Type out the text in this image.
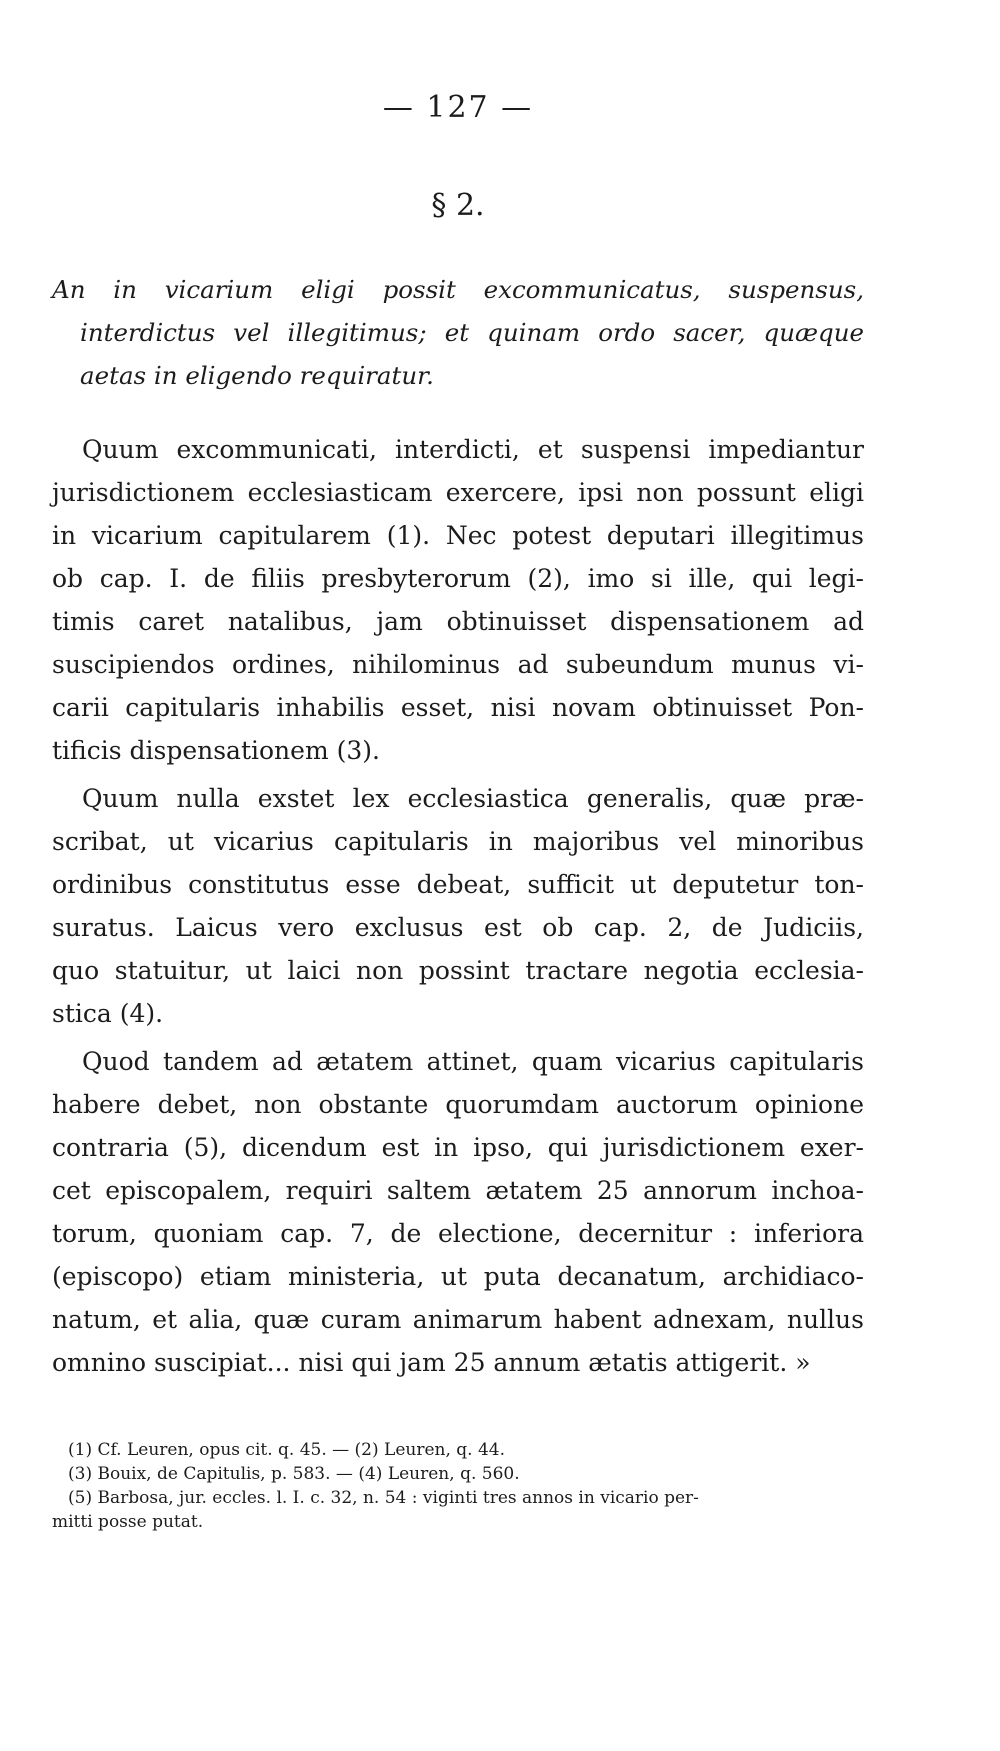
— 127 —
§ 2.
An in vicarium eligi possit excommunicatus, suspensus,
interdictus vel illegitimus; et quinam ordo sacer, quæque
aetas in eligendo requiratur.

Quum excommunicati, interdicti, et suspensi impediantur
jurisdictionem ecclesiasticam exercere, ipsi non possunt eligi
in vicarium capitularem (1). Nec potest deputari illegitimus
ob cap. I. de filiis presbyterorum (2), imo si ille, qui legi-
timis caret natalibus, jam obtinuisset dispensationem ad
suscipiendos ordines, nihilominus ad subeundum munus vi-
carii capitularis inhabilis esset, nisi novam obtinuisset Pon-
tificis dispensationem (3).

Quum nulla exstet lex ecclesiastica generalis, quæ præ-
scribat, ut vicarius capitularis in majoribus vel minoribus
ordinibus constitutus esse debeat, sufficit ut deputetur ton-
suratus. Laicus vero exclusus est ob cap. 2, de Judiciis,
quo statuitur, ut laici non possint tractare negotia ecclesia-
stica (4).

Quod tandem ad ætatem attinet, quam vicarius capitularis
habere debet, non obstante quorumdam auctorum opinione
contraria (5), dicendum est in ipso, qui jurisdictionem exer-
cet episcopalem, requiri saltem ætatem 25 annorum inchoa-
torum, quoniam cap. 7, de electione, decernitur : inferiora
(episcopo) etiam ministeria, ut puta decanatum, archidiaco-
natum, et alia, quæ curam animarum habent adnexam, nullus
omnino suscipiat... nisi qui jam 25 annum ætatis attigerit. »

(1) Cf. Leuren, opus cit. q. 45. — (2) Leuren, q. 44.
(3) Bouix, de Capitulis, p. 583. — (4) Leuren, q. 560.
(5) Barbosa, jur. eccles. l. I. c. 32, n. 54 : viginti tres annos in vicario per-
mitti posse putat.
